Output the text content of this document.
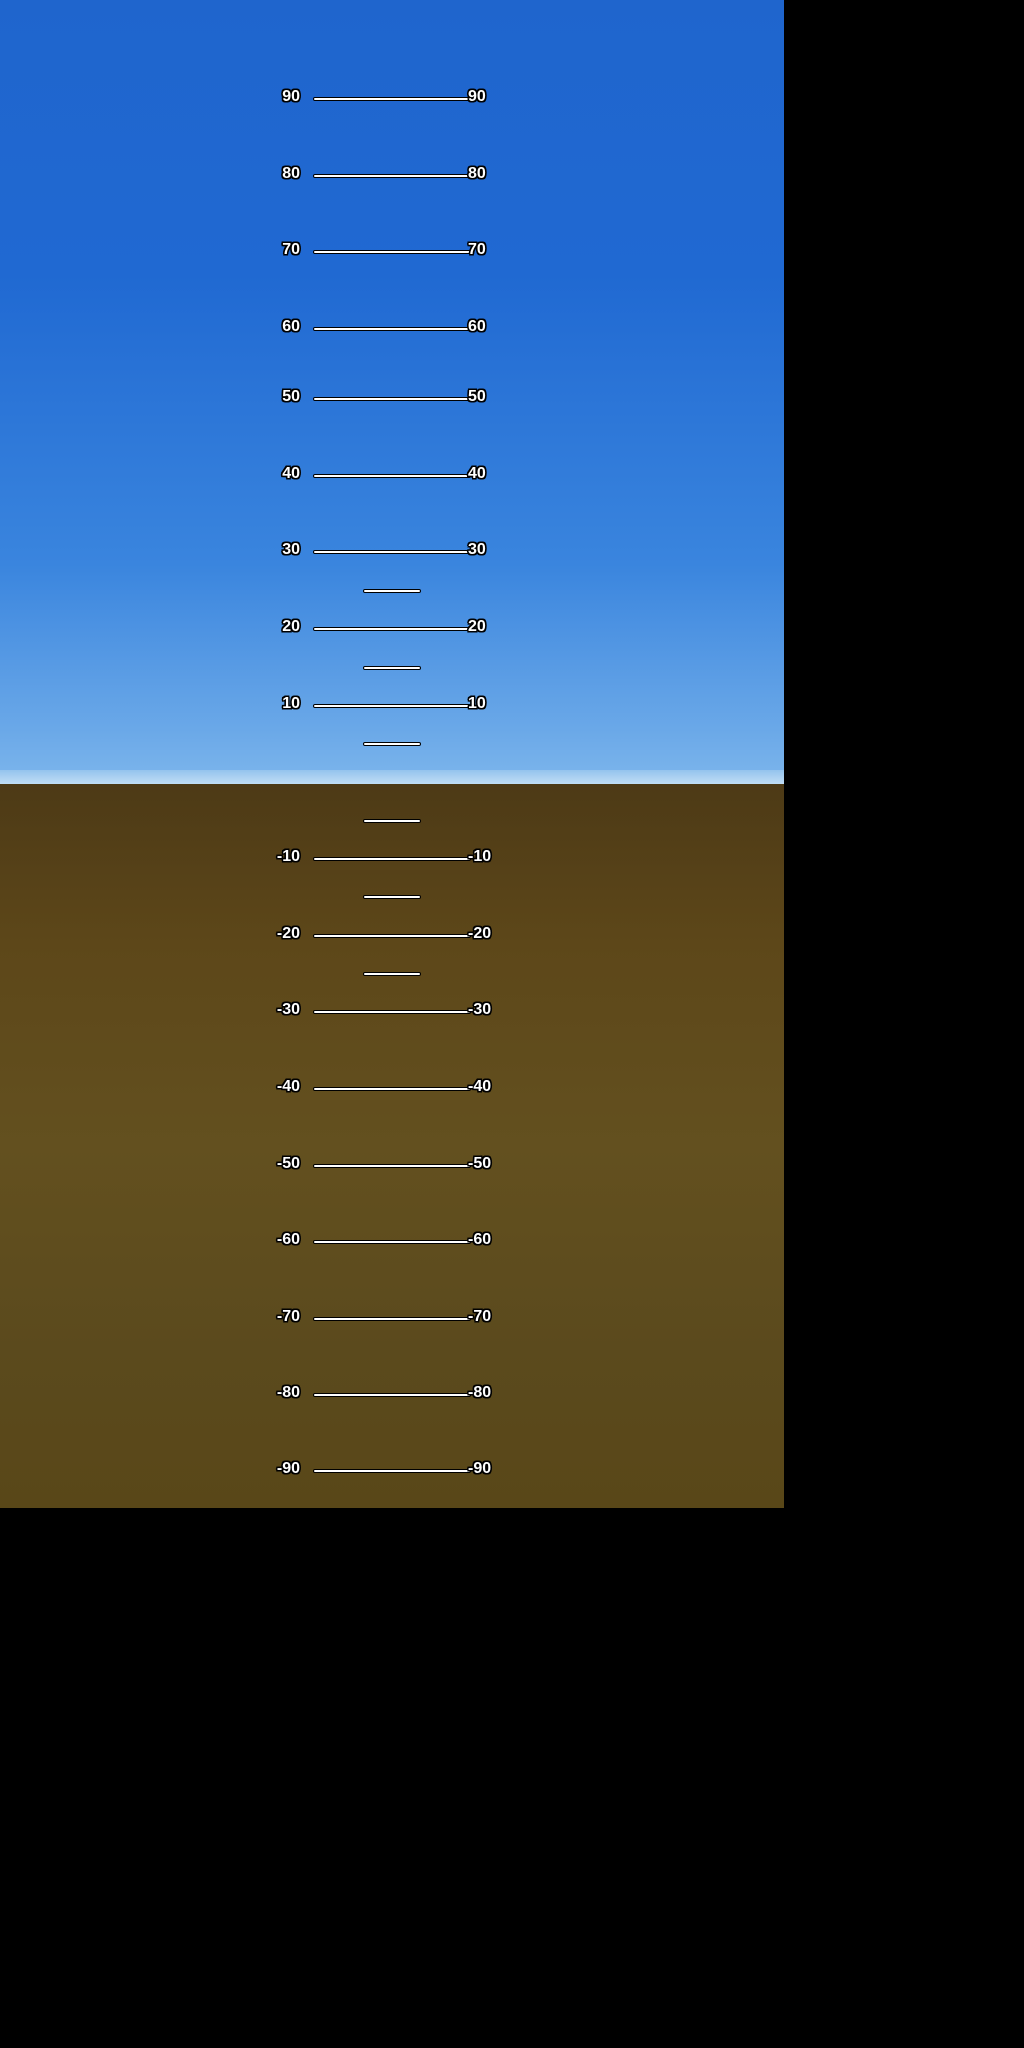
90	90
80	80
70	70
60	60
50	50
40	40
30	30
20	20
10	10
-10	-10
-20	-20
-30	-30
-40	-40
-50	-50
-60	-60
-70	-70
-80	-80
-90	-90
